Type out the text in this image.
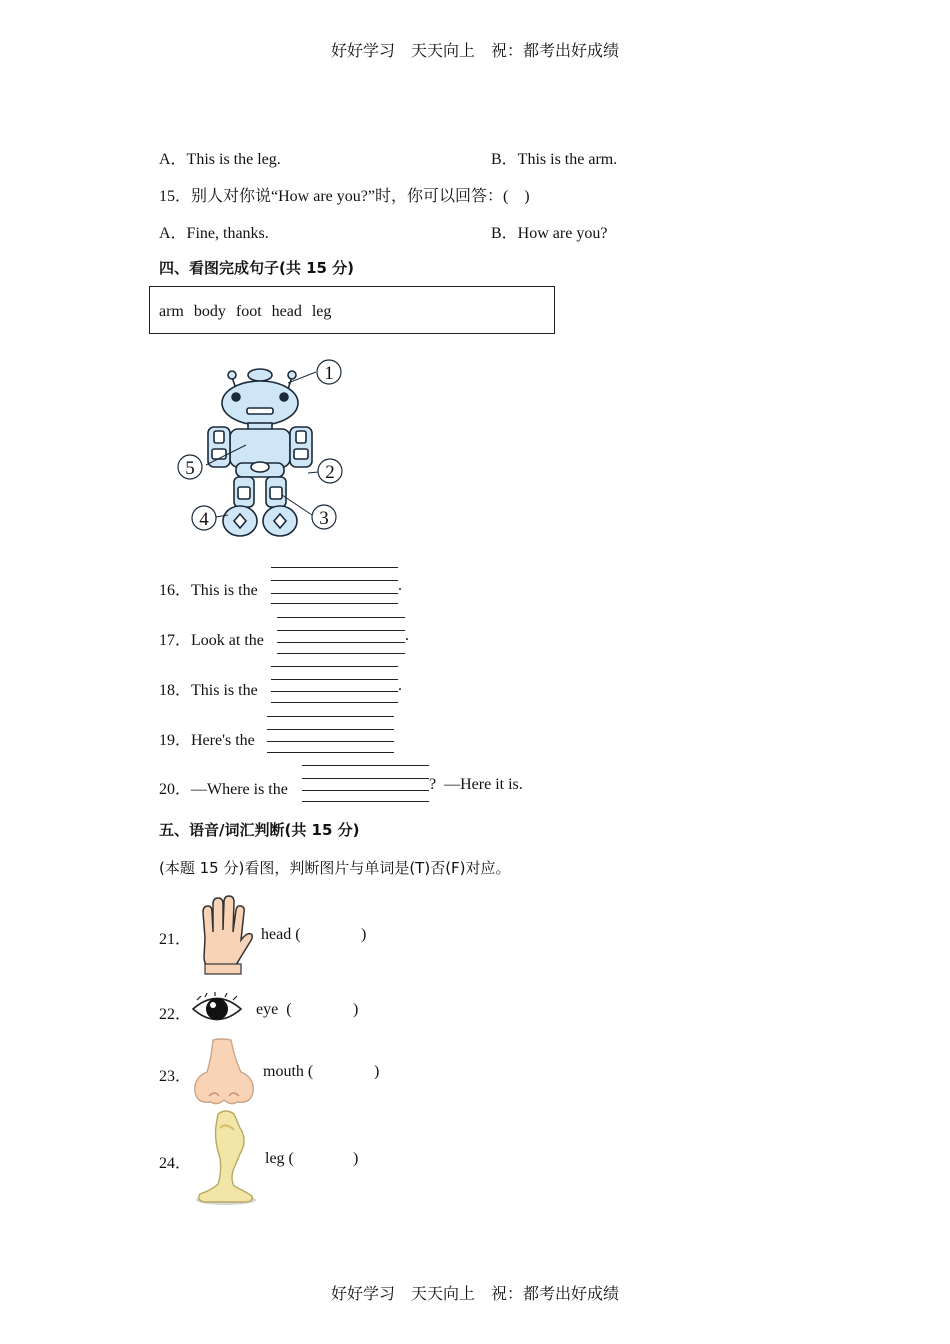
好好学习　天天向上　祝：都考出好成绩
A．This is the leg.	B．This is the arm.
15．别人对你说“How are you?”时，你可以回答：(　)
A．Fine, thanks.	B．How are you?
四、看图完成句子(共 15 分)
arm body foot head leg
1
2
3
4
5
16．This is the	.
17．Look at the	.
18．This is the	.
19．Here's the
20．—Where is the	?  —Here it is.
五、语音/词汇判断(共 15 分)
(本题 15 分)看图，判断图片与单词是(T)否(F)对应。
21．	head (	)
22．	eye  (	)
23．	mouth (	)
24．	leg (	)
好好学习　天天向上　祝：都考出好成绩
